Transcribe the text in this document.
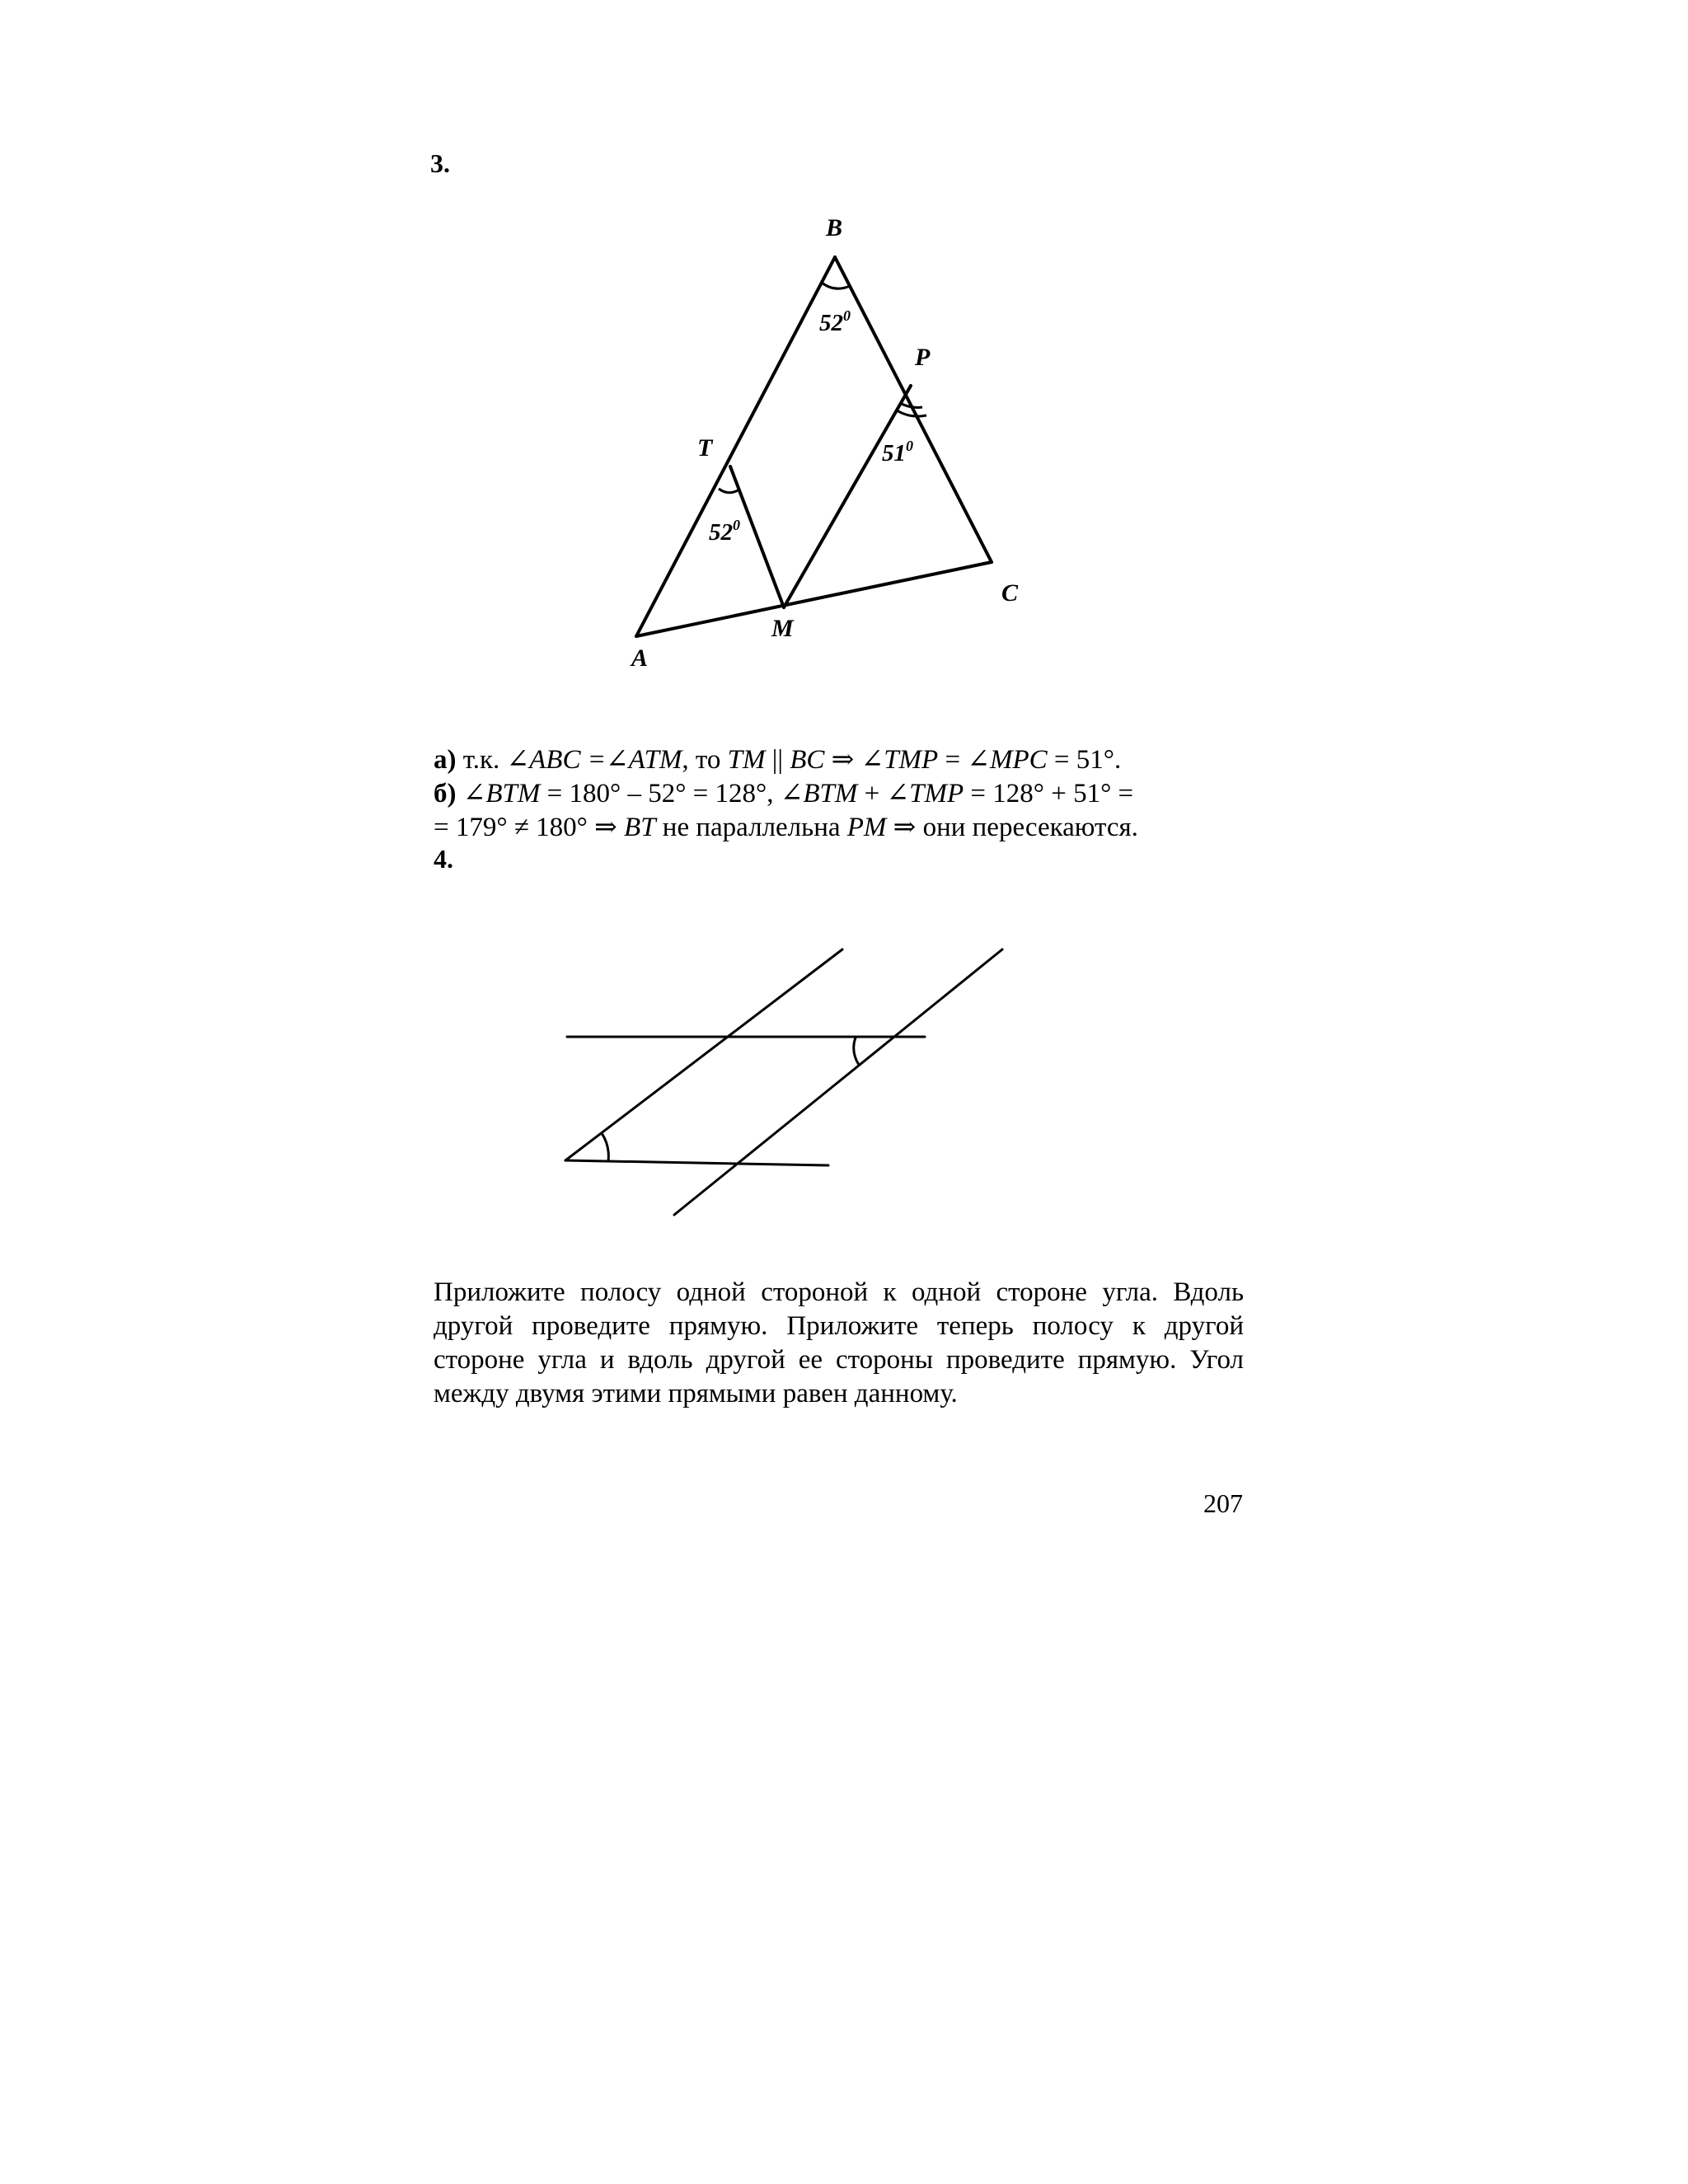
3.
B
P
T
C
M
A
$52^0$
$51^0$
$52^0$
а) т.к. ∠ABC =∠ATM, то TM || BC ⇒ ∠TMP = ∠MPC = 51°.
б) ∠BTM = 180° – 52° = 128°, ∠BTM + ∠TMP = 128° + 51° =
= 179° ≠ 180° ⇒ BT не параллельна PM ⇒ они пересекаются.
4.
Приложите полосу одной стороной к одной стороне угла. Вдоль другой проведите прямую. Приложите теперь полосу к другой стороне угла и вдоль другой ее стороны проведите прямую. Угол между двумя этими прямыми равен данному.
207
